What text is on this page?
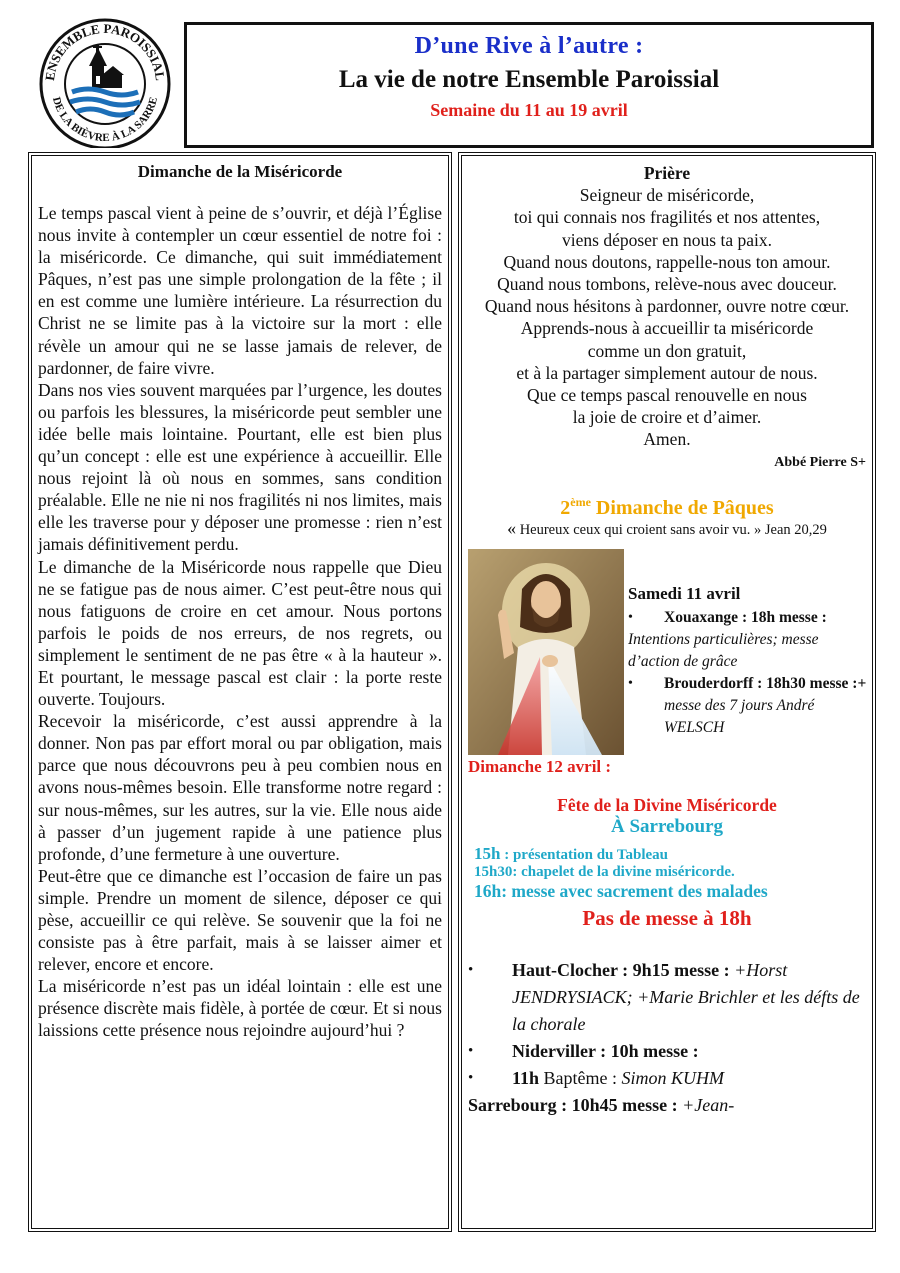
ENSEMBLE PAROISSIAL
DE LA BIÈVRE À LA SARRE
D’une Rive à l’autre :
La vie de notre Ensemble Paroissial
Semaine du 11 au 19 avril
Dimanche de la Miséricorde

Le temps pascal vient à peine de s’ouvrir, et déjà l’Église nous invite à contempler un cœur essentiel de notre foi : la miséricorde. Ce dimanche, qui suit immédiatement Pâques, n’est pas une simple prolongation de la fête ; il en est comme une lumière intérieure. La résurrection du Christ ne se limite pas à la victoire sur la mort : elle révèle un amour qui ne se lasse jamais de relever, de pardonner, de faire vivre.

Dans nos vies souvent marquées par l’urgence, les doutes ou parfois les blessures, la miséricorde peut sembler une idée belle mais lointaine. Pourtant, elle est bien plus qu’un concept : elle est une expérience à accueillir. Elle nous rejoint là où nous en sommes, sans condition préalable. Elle ne nie ni nos fragilités ni nos limites, mais elle les traverse pour y déposer une promesse : rien n’est jamais définitivement perdu.

Le dimanche de la Miséricorde nous rappelle que Dieu ne se fatigue pas de nous aimer. C’est peut-être nous qui nous fatiguons de croire en cet amour. Nous portons parfois le poids de nos erreurs, de nos regrets, ou simplement le sentiment de ne pas être « à la hauteur ». Et pourtant, le message pascal est clair : la porte reste ouverte. Toujours.

Recevoir la miséricorde, c’est aussi apprendre à la donner. Non pas par effort moral ou par obligation, mais parce que nous découvrons peu à peu combien nous en avons nous-mêmes besoin. Elle transforme notre regard : sur nous-mêmes, sur les autres, sur la vie. Elle nous aide à passer d’un jugement rapide à une patience plus profonde, d’une fermeture à une ouverture.

Peut-être que ce dimanche est l’occasion de faire un pas simple. Prendre un moment de silence, déposer ce qui pèse, accueillir ce qui relève. Se souvenir que la foi ne consiste pas à être parfait, mais à se laisser aimer et relever, encore et encore.

La miséricorde n’est pas un idéal lointain : elle est une présence discrète mais fidèle, à portée de cœur. Et si nous laissions cette présence nous rejoindre aujourd’hui ?

Prière
Seigneur de miséricorde,
toi qui connais nos fragilités et nos attentes,
viens déposer en nous ta paix.
Quand nous doutons, rappelle-nous ton amour.
Quand nous tombons, relève-nous avec douceur.
Quand nous hésitons à pardonner, ouvre notre cœur.
Apprends-nous à accueillir ta miséricorde
comme un don gratuit,
et à la partager simplement autour de nous.
Que ce temps pascal renouvelle en nous
la joie de croire et d’aimer.
Amen.
Abbé Pierre S+
2ème Dimanche de Pâques
« Heureux ceux qui croient sans avoir vu. » Jean 20,29
Samedi 11 avril
•	Xouaxange : 18h messe :
Intentions particulières; messe d’action de grâce
•	Brouderdorff : 18h30 messe :+ messe des 7 jours André WELSCH
Dimanche 12 avril :
Fête de la Divine Miséricorde
À Sarrebourg
15h : présentation du Tableau
15h30: chapelet de la divine miséricorde.
16h: messe avec sacrement des malades
Pas de messe à 18h
•	Haut-Clocher : 9h15 messe : +Horst JENDRYSIACK; +Marie Brichler et les défts de la chorale
•	Niderviller : 10h messe :
•	11h Baptême : Simon KUHM
Sarrebourg : 10h45 messe : +Jean-
